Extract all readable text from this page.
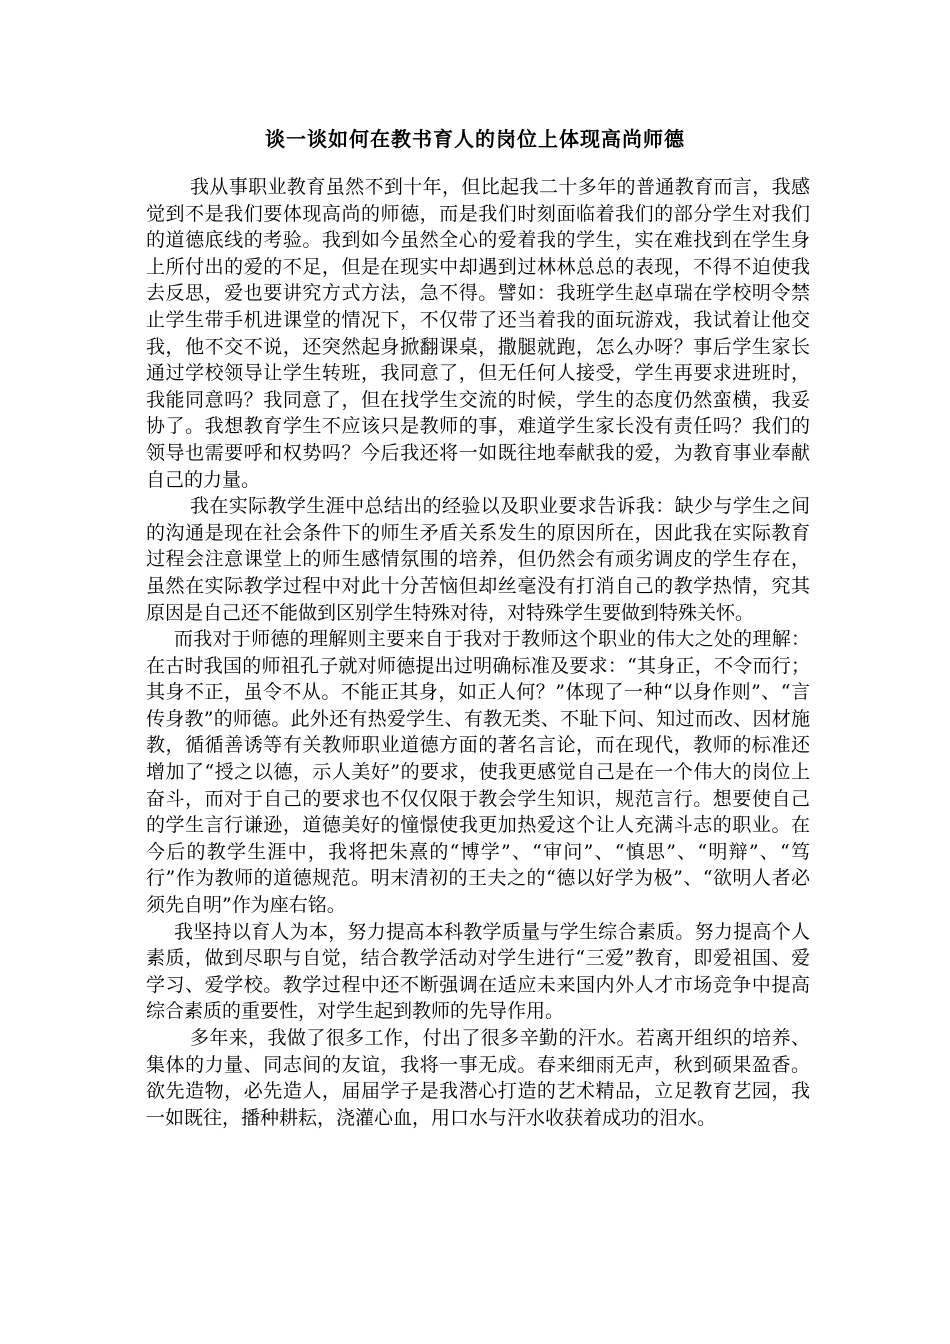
谈一谈如何在教书育人的岗位上体现高尚师德

我从事职业教育虽然不到十年，但比起我二十多年的普通教育而言，我感觉到不是我们要体现高尚的师德，而是我们时刻面临着我们的部分学生对我们的道德底线的考验。我到如今虽然全心的爱着我的学生，实在难找到在学生身上所付出的爱的不足，但是在现实中却遇到过林林总总的表现，不得不迫使我去反思，爱也要讲究方式方法，急不得。譬如：我班学生赵卓瑞在学校明令禁止学生带手机进课堂的情况下，不仅带了还当着我的面玩游戏，我试着让他交我，他不交不说，还突然起身掀翻课桌，撒腿就跑，怎么办呀？事后学生家长通过学校领导让学生转班，我同意了，但无任何人接受，学生再要求进班时，我能同意吗？我同意了，但在找学生交流的时候，学生的态度仍然蛮横，我妥协了。我想教育学生不应该只是教师的事，难道学生家长没有责任吗？我们的领导也需要呼和权势吗？今后我还将一如既往地奉献我的爱，为教育事业奉献自己的力量。

我在实际教学生涯中总结出的经验以及职业要求告诉我：缺少与学生之间的沟通是现在社会条件下的师生矛盾关系发生的原因所在，因此我在实际教育过程会注意课堂上的师生感情氛围的培养，但仍然会有顽劣调皮的学生存在，虽然在实际教学过程中对此十分苦恼但却丝毫没有打消自己的教学热情，究其原因是自己还不能做到区别学生特殊对待，对特殊学生要做到特殊关怀。

而我对于师德的理解则主要来自于我对于教师这个职业的伟大之处的理解：在古时我国的师祖孔子就对师德提出过明确标准及要求：“其身正，不令而行；其身不正，虽令不从。不能正其身，如正人何？”体现了一种“以身作则”、“言传身教”的师德。此外还有热爱学生、有教无类、不耻下问、知过而改、因材施教，循循善诱等有关教师职业道德方面的著名言论，而在现代，教师的标准还增加了“授之以德，示人美好”的要求，使我更感觉自己是在一个伟大的岗位上奋斗，而对于自己的要求也不仅仅限于教会学生知识，规范言行。想要使自己的学生言行谦逊，道德美好的憧憬使我更加热爱这个让人充满斗志的职业。在今后的教学生涯中，我将把朱熹的“博学”、“审问”、“慎思”、“明辩”、“笃行”作为教师的道德规范。明末清初的王夫之的“德以好学为极”、“欲明人者必须先自明”作为座右铭。

我坚持以育人为本，努力提高本科教学质量与学生综合素质。努力提高个人素质，做到尽职与自觉，结合教学活动对学生进行“三爱”教育，即爱祖国、爱学习、爱学校。教学过程中还不断强调在适应未来国内外人才市场竞争中提高综合素质的重要性，对学生起到教师的先导作用。

多年来，我做了很多工作，付出了很多辛勤的汗水。若离开组织的培养、集体的力量、同志间的友谊，我将一事无成。春来细雨无声，秋到硕果盈香。欲先造物，必先造人，届届学子是我潜心打造的艺术精品，立足教育艺园，我一如既往，播种耕耘，浇灌心血，用口水与汗水收获着成功的泪水。
